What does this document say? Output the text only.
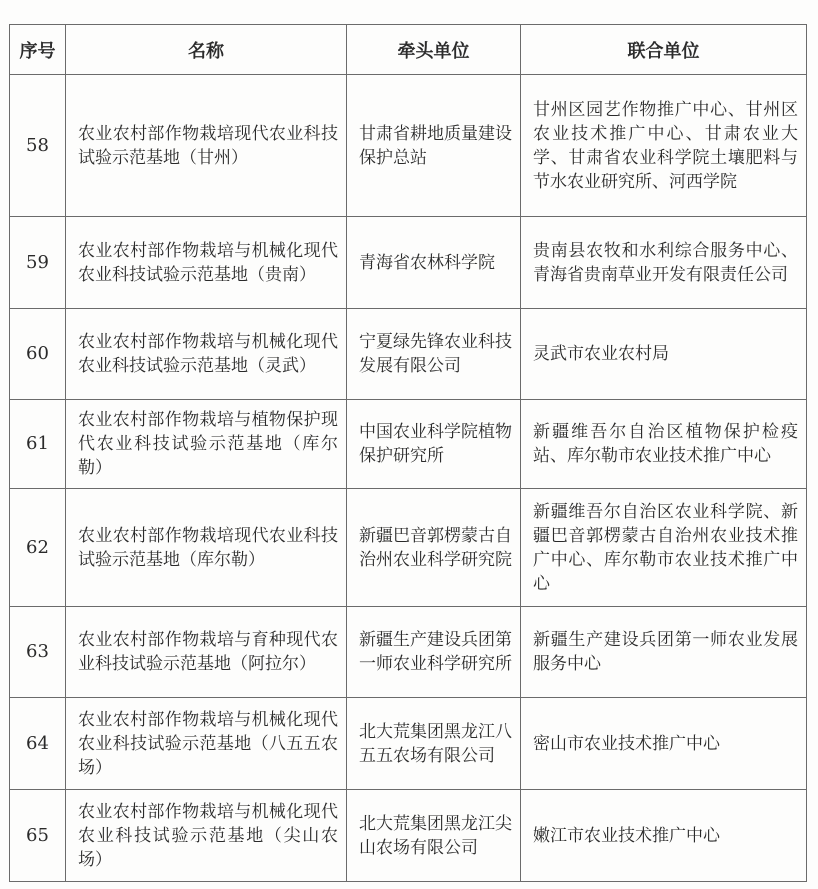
序号	名称	牵头单位	联合单位
58	农业农村部作物栽培现代农业科技试验示范基地（甘州）	甘肃省耕地质量建设保护总站	甘州区园艺作物推广中心、甘州区农业技术推广中心、甘肃农业大学、甘肃省农业科学院土壤肥料与节水农业研究所、河西学院
59	农业农村部作物栽培与机械化现代农业科技试验示范基地（贵南）	青海省农林科学院	贵南县农牧和水利综合服务中心、青海省贵南草业开发有限责任公司
60	农业农村部作物栽培与机械化现代农业科技试验示范基地（灵武）	宁夏绿先锋农业科技发展有限公司	灵武市农业农村局
61	农业农村部作物栽培与植物保护现代农业科技试验示范基地（库尔勒）	中国农业科学院植物保护研究所	新疆维吾尔自治区植物保护检疫站、库尔勒市农业技术推广中心
62	农业农村部作物栽培现代农业科技试验示范基地（库尔勒）	新疆巴音郭楞蒙古自治州农业科学研究院	新疆维吾尔自治区农业科学院、新疆巴音郭楞蒙古自治州农业技术推广中心、库尔勒市农业技术推广中心
63	农业农村部作物栽培与育种现代农业科技试验示范基地（阿拉尔）	新疆生产建设兵团第一师农业科学研究所	新疆生产建设兵团第一师农业发展服务中心
64	农业农村部作物栽培与机械化现代农业科技试验示范基地（八五五农场）	北大荒集团黑龙江八五五农场有限公司	密山市农业技术推广中心
65	农业农村部作物栽培与机械化现代农业科技试验示范基地（尖山农场）	北大荒集团黑龙江尖山农场有限公司	嫩江市农业技术推广中心
